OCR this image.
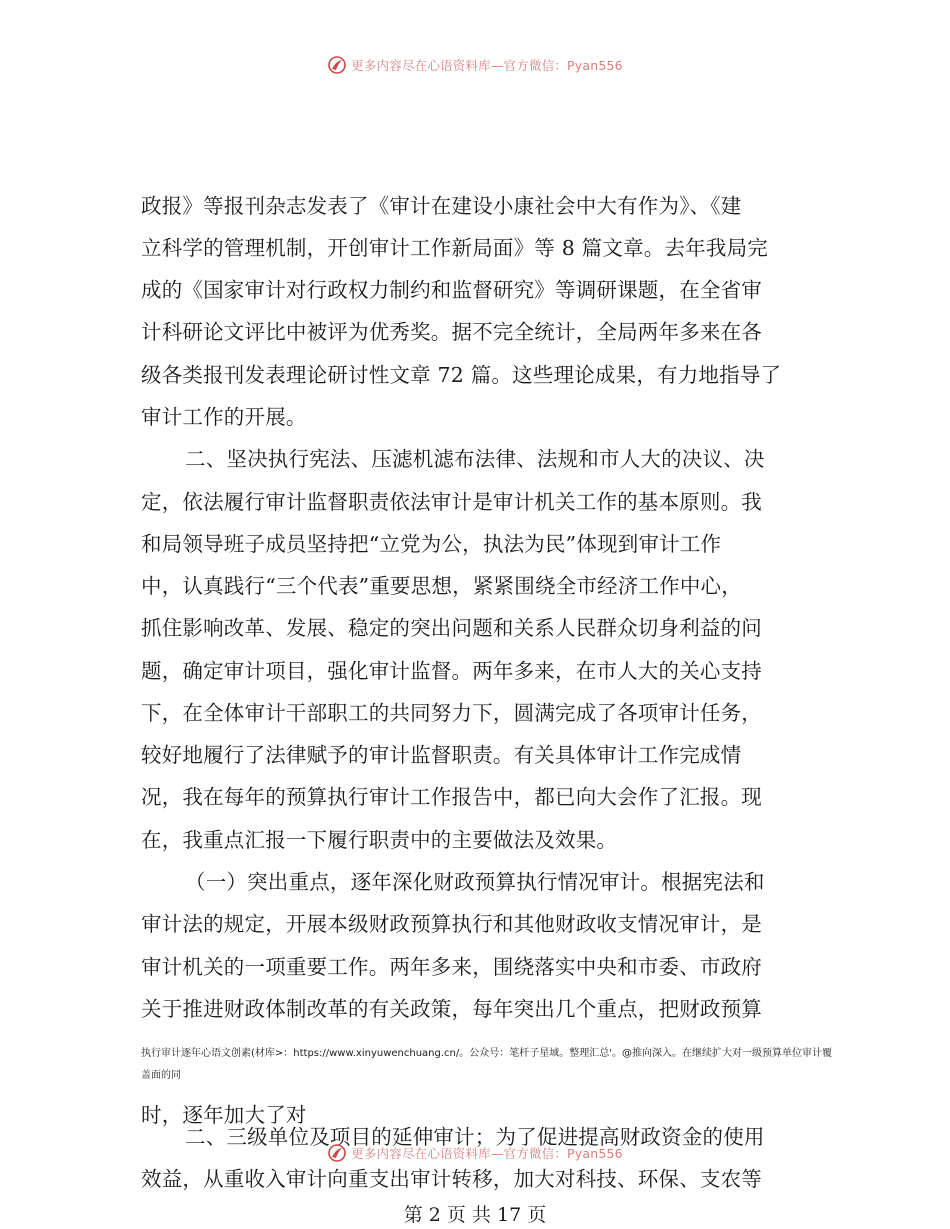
更多内容尽在心语资料库—官方微信：Pyan556
政报》等报刊杂志发表了《审计在建设小康社会中大有作为》、《建
立科学的管理机制，开创审计工作新局面》等 8 篇文章。去年我局完
成的《国家审计对行政权力制约和监督研究》等调研课题，在全省审
计科研论文评比中被评为优秀奖。据不完全统计，全局两年多来在各
级各类报刊发表理论研讨性文章 72 篇。这些理论成果，有力地指导了
审计工作的开展。
二、坚决执行宪法、压滤机滤布法律、法规和市人大的决议、决
定，依法履行审计监督职责依法审计是审计机关工作的基本原则。我
和局领导班子成员坚持把“立党为公，执法为民”体现到审计工作
中，认真践行“三个代表”重要思想，紧紧围绕全市经济工作中心，
抓住影响改革、发展、稳定的突出问题和关系人民群众切身利益的问
题，确定审计项目，强化审计监督。两年多来，在市人大的关心支持
下，在全体审计干部职工的共同努力下，圆满完成了各项审计任务，
较好地履行了法律赋予的审计监督职责。有关具体审计工作完成情
况，我在每年的预算执行审计工作报告中，都已向大会作了汇报。现
在，我重点汇报一下履行职责中的主要做法及效果。
（一）突出重点，逐年深化财政预算执行情况审计。根据宪法和
审计法的规定，开展本级财政预算执行和其他财政收支情况审计，是
审计机关的一项重要工作。两年多来，围绕落实中央和市委、市政府
关于推进财政体制改革的有关政策，每年突出几个重点，把财政预算
执行审计逐年心语文创素(材库>：https://www.xinyuwenchuang.cn/。公众号：笔杆子星域。整理汇总'。@推向深入。在继续扩大对一级预算单位审计覆
盖面的同
时，逐年加大了对
二、三级单位及项目的延伸审计；为了促进提高财政资金的使用
效益，从重收入审计向重支出审计转移，加大对科技、环保、支农等
更多内容尽在心语资料库—官方微信：Pyan556
第 2 页 共 17 页
